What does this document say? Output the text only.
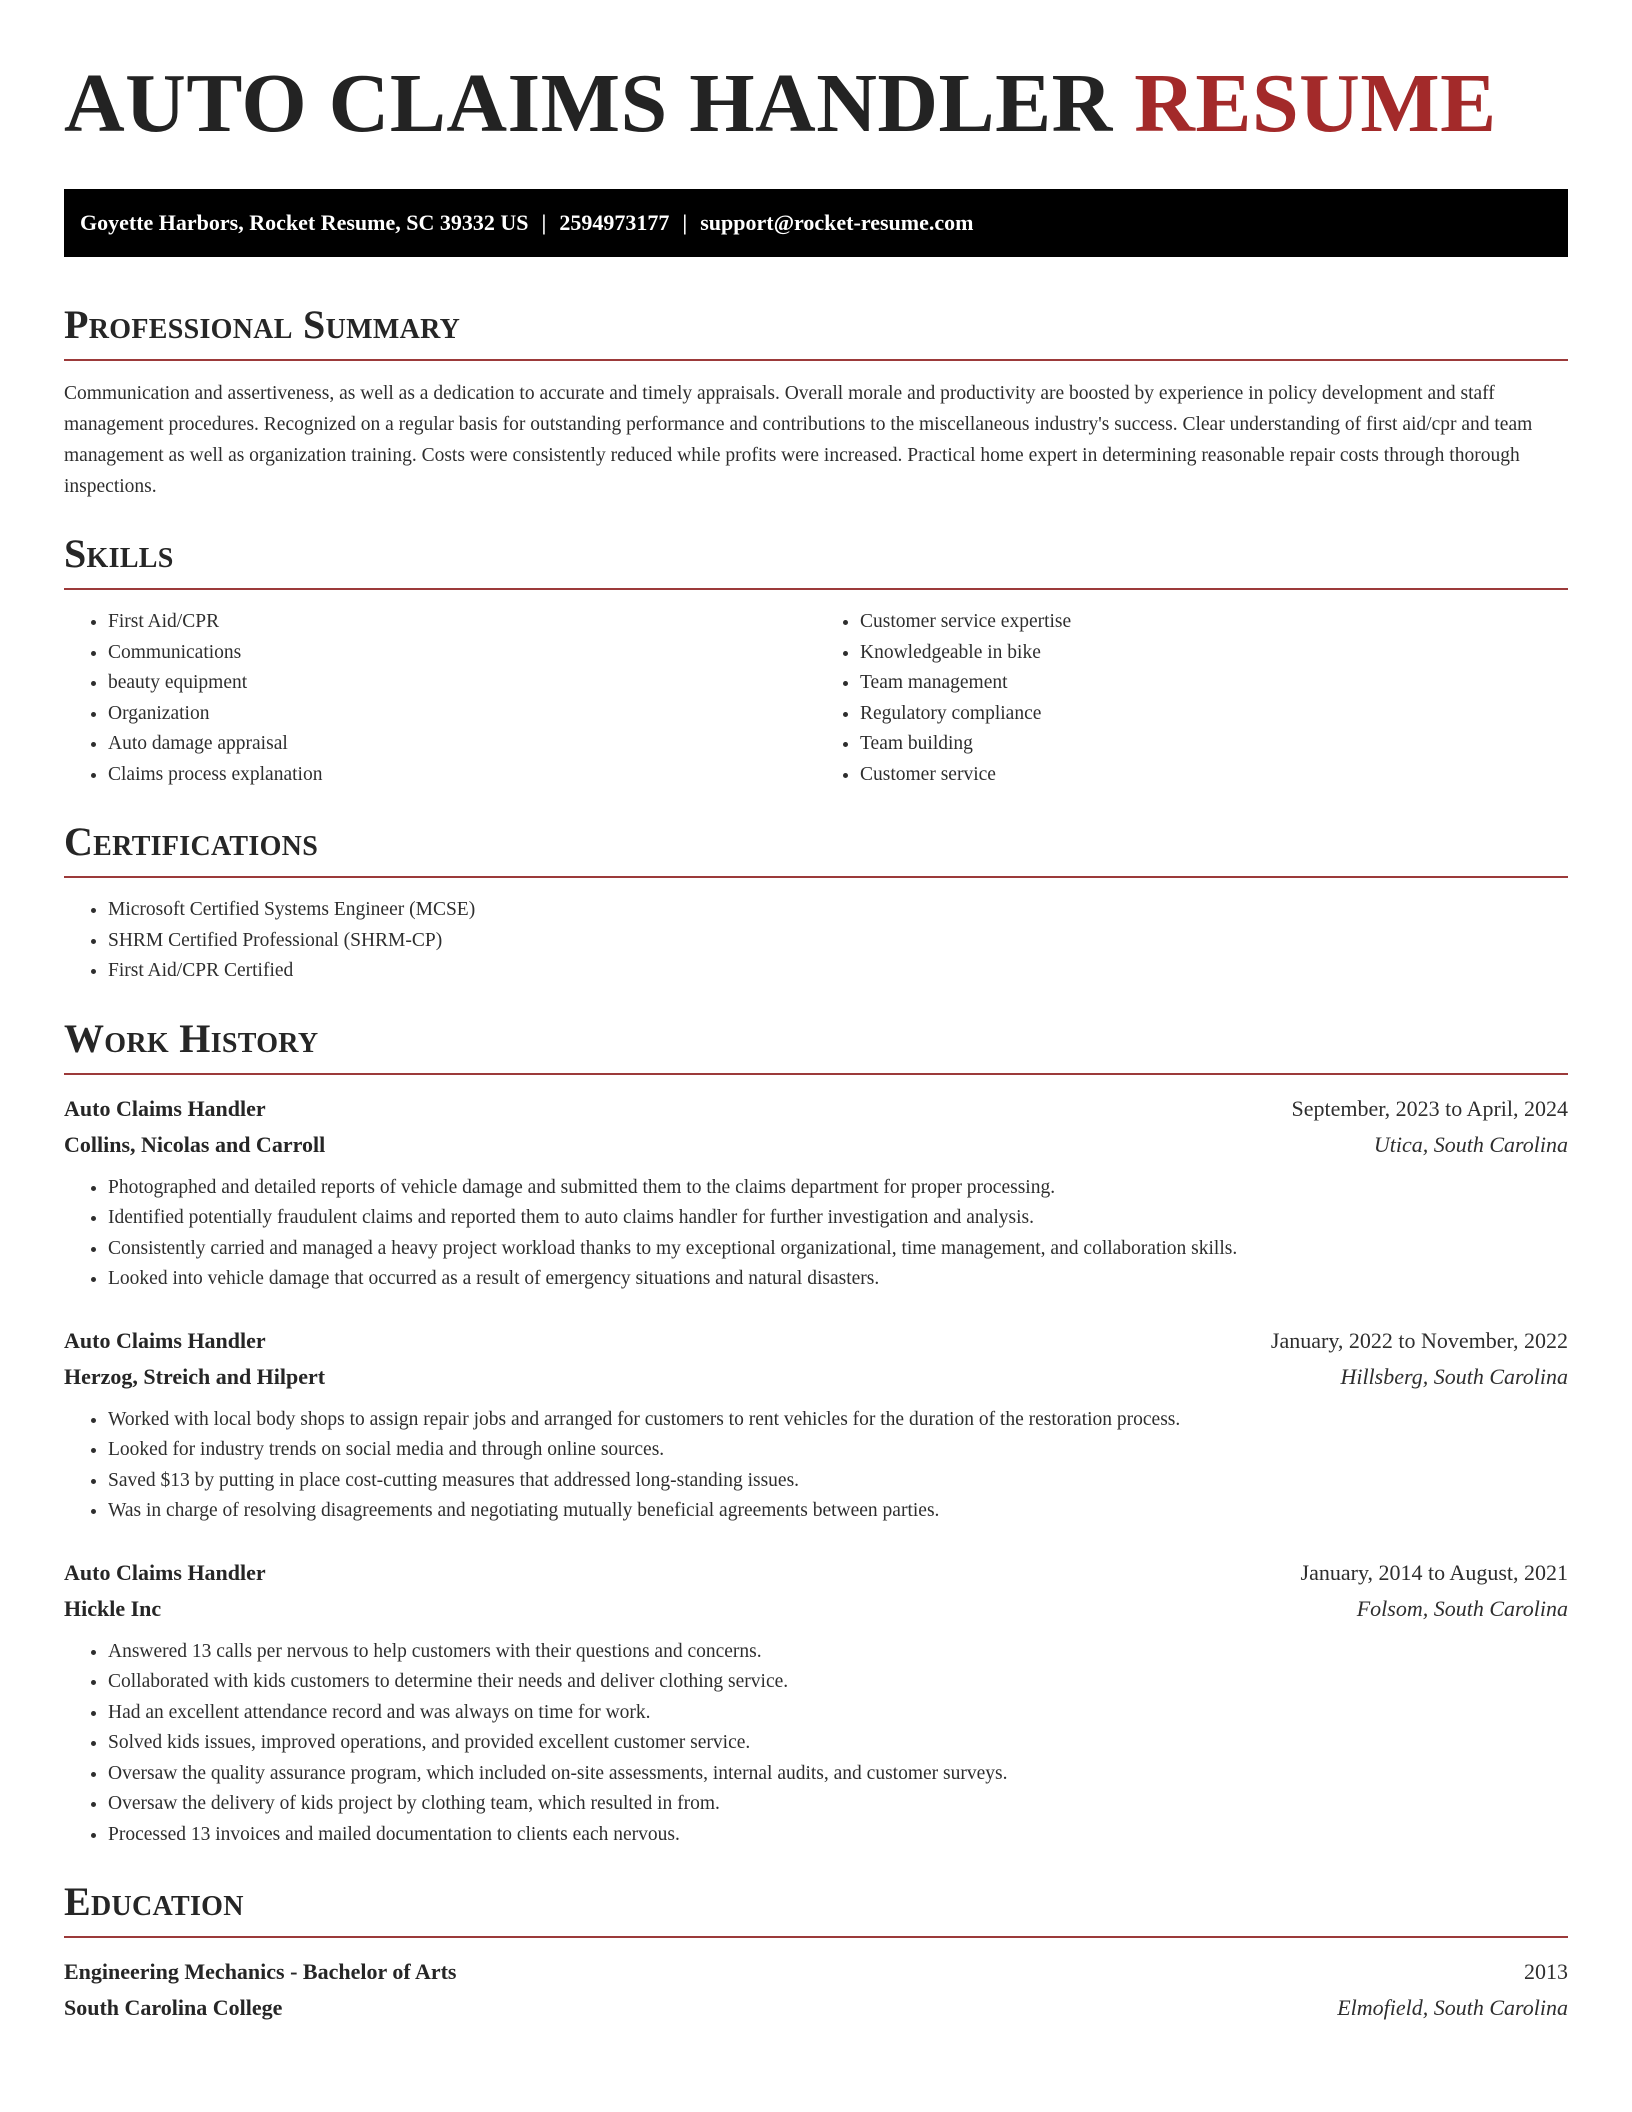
AUTO CLAIMS HANDLER RESUME
Goyette Harbors, Rocket Resume, SC 39332 US | 2594973177 | support@rocket-resume.com
Professional Summary

Communication and assertiveness, as well as a dedication to accurate and timely appraisals. Overall morale and productivity are boosted by experience in policy development and staff management procedures. Recognized on a regular basis for outstanding performance and contributions to the miscellaneous industry's success. Clear understanding of first aid/cpr and team management as well as organization training. Costs were consistently reduced while profits were increased. Practical home expert in determining reasonable repair costs through thorough inspections.

Skills
• First Aid/CPR
• Communications
• beauty equipment
• Organization
• Auto damage appraisal
• Claims process explanation
• Customer service expertise
• Knowledgeable in bike
• Team management
• Regulatory compliance
• Team building
• Customer service
Certifications
• Microsoft Certified Systems Engineer (MCSE)
• SHRM Certified Professional (SHRM-CP)
• First Aid/CPR Certified
Work History
Auto Claims Handler	September, 2023 to April, 2024
Collins, Nicolas and Carroll	Utica, South Carolina
• Photographed and detailed reports of vehicle damage and submitted them to the claims department for proper processing.
• Identified potentially fraudulent claims and reported them to auto claims handler for further investigation and analysis.
• Consistently carried and managed a heavy project workload thanks to my exceptional organizational, time management, and collaboration skills.
• Looked into vehicle damage that occurred as a result of emergency situations and natural disasters.
Auto Claims Handler	January, 2022 to November, 2022
Herzog, Streich and Hilpert	Hillsberg, South Carolina
• Worked with local body shops to assign repair jobs and arranged for customers to rent vehicles for the duration of the restoration process.
• Looked for industry trends on social media and through online sources.
• Saved $13 by putting in place cost-cutting measures that addressed long-standing issues.
• Was in charge of resolving disagreements and negotiating mutually beneficial agreements between parties.
Auto Claims Handler	January, 2014 to August, 2021
Hickle Inc	Folsom, South Carolina
• Answered 13 calls per nervous to help customers with their questions and concerns.
• Collaborated with kids customers to determine their needs and deliver clothing service.
• Had an excellent attendance record and was always on time for work.
• Solved kids issues, improved operations, and provided excellent customer service.
• Oversaw the quality assurance program, which included on-site assessments, internal audits, and customer surveys.
• Oversaw the delivery of kids project by clothing team, which resulted in from.
• Processed 13 invoices and mailed documentation to clients each nervous.
Education
Engineering Mechanics - Bachelor of Arts	2013
South Carolina College	Elmofield, South Carolina
